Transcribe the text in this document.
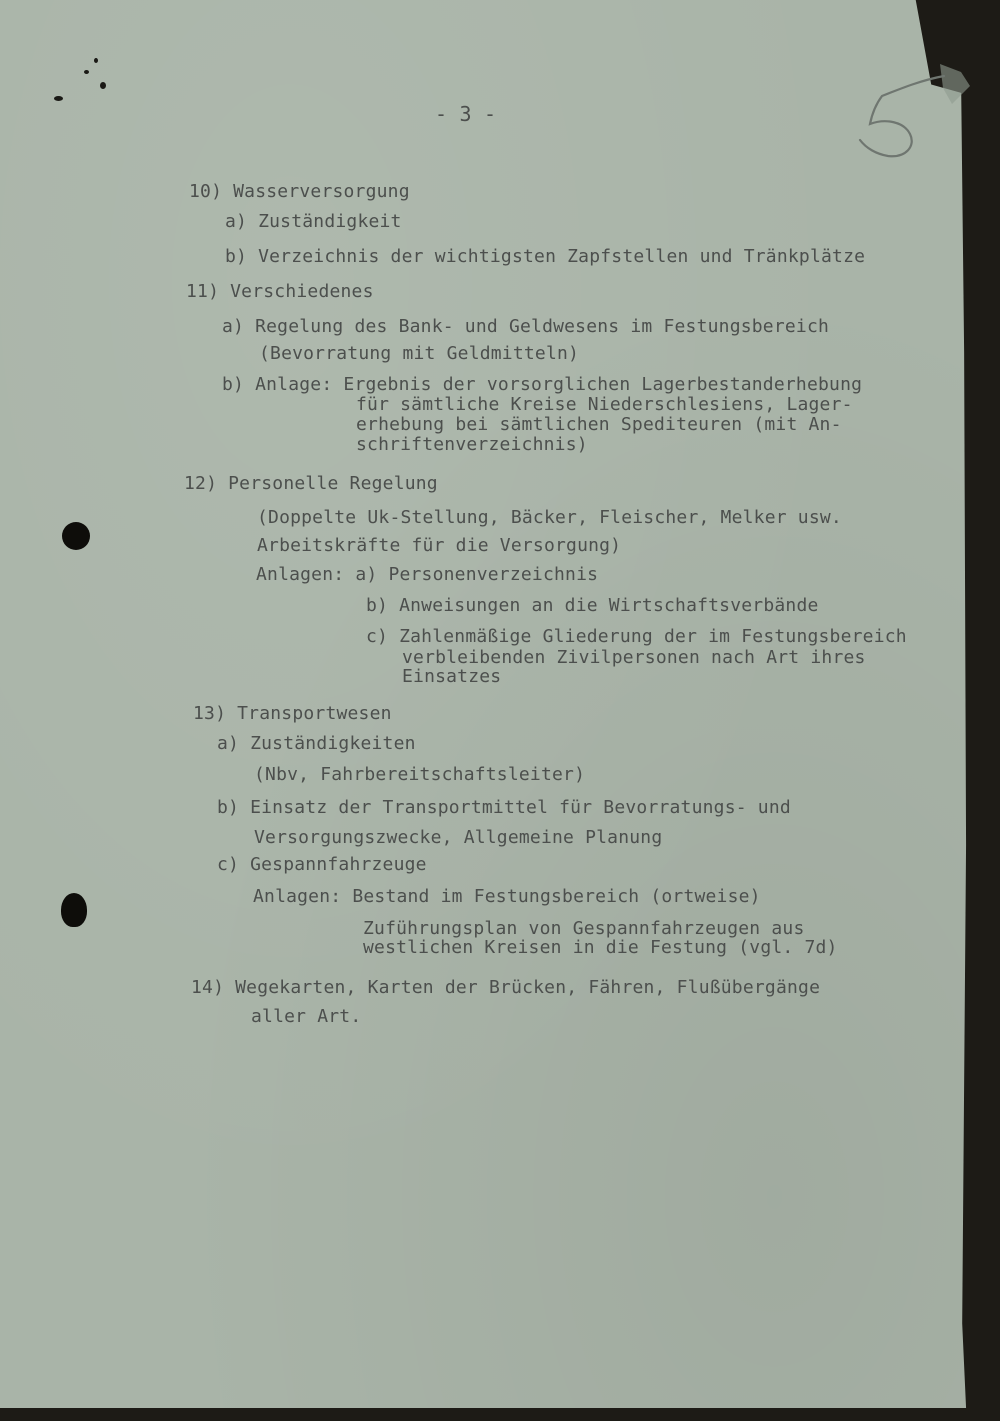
5
- 3 -
10) Wasserversorgung
a) Zuständigkeit
b) Verzeichnis der wichtigsten Zapfstellen und Tränkplätze
11) Verschiedenes
a) Regelung des Bank- und Geldwesens im Festungsbereich
(Bevorratung mit Geldmitteln)
b) Anlage: Ergebnis der vorsorglichen Lagerbestanderhebung
für sämtliche Kreise Niederschlesiens, Lager-
erhebung bei sämtlichen Spediteuren (mit An-
schriftenverzeichnis)
12) Personelle Regelung
(Doppelte Uk-Stellung, Bäcker, Fleischer, Melker usw.
Arbeitskräfte für die Versorgung)
Anlagen: a) Personenverzeichnis
b) Anweisungen an die Wirtschaftsverbände
c) Zahlenmäßige Gliederung der im Festungsbereich
verbleibenden Zivilpersonen nach Art ihres
Einsatzes
13) Transportwesen
a) Zuständigkeiten
(Nbv, Fahrbereitschaftsleiter)
b) Einsatz der Transportmittel für Bevorratungs- und
Versorgungszwecke, Allgemeine Planung
c) Gespannfahrzeuge
Anlagen: Bestand im Festungsbereich (ortweise)
Zuführungsplan von Gespannfahrzeugen aus
westlichen Kreisen in die Festung (vgl. 7d)
14) Wegekarten, Karten der Brücken, Fähren, Flußübergänge
aller Art.
